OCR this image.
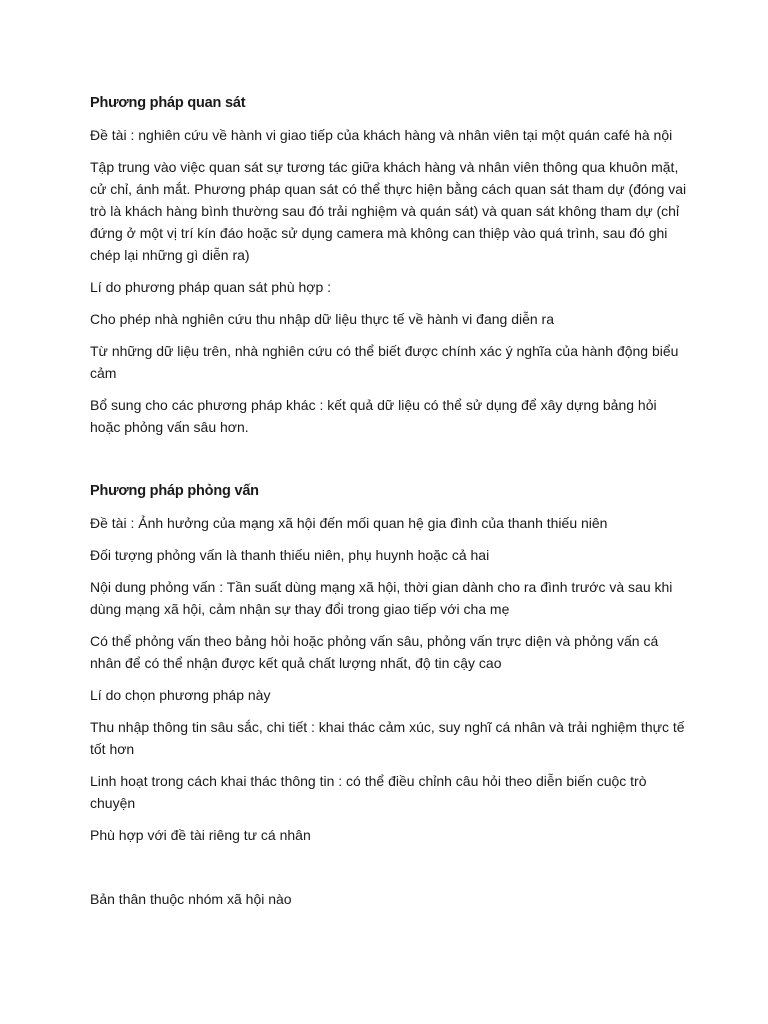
Phương pháp quan sát

Đề tài : nghiên cứu về hành vi giao tiếp của khách hàng và nhân viên tại một quán café hà nội

Tập trung vào việc quan sát sự tương tác giữa khách hàng và nhân viên thông qua khuôn mặt, cử chỉ, ánh mắt. Phương pháp quan sát có thể thực hiện bằng cách quan sát tham dự (đóng vai trò là khách hàng bình thường sau đó trải nghiệm và quán sát) và quan sát không tham dự (chỉ đứng ở một vị trí kín đáo hoặc sử dụng camera mà không can thiệp vào quá trình, sau đó ghi chép lại những gì diễn ra)

Lí do phương pháp quan sát phù hợp :

Cho phép nhà nghiên cứu thu nhập dữ liệu thực tế về hành vi đang diễn ra

Từ những dữ liệu trên, nhà nghiên cứu có thể biết được chính xác ý nghĩa của hành động biểu cảm

Bổ sung cho các phương pháp khác : kết quả dữ liệu có thể sử dụng để xây dựng bảng hỏi hoặc phỏng vấn sâu hơn.

Phương pháp phỏng vấn

Đề tài : Ảnh hưởng của mạng xã hội đến mối quan hệ gia đình của thanh thiếu niên

Đối tượng phỏng vấn là thanh thiếu niên, phụ huynh hoặc cả hai

Nội dung phỏng vấn : Tần suất dùng mạng xã hội, thời gian dành cho ra đình trước và sau khi dùng mạng xã hội, cảm nhận sự thay đổi trong giao tiếp với cha mẹ

Có thể phỏng vấn theo bảng hỏi hoặc phỏng vấn sâu, phỏng vấn trực diện và phỏng vấn cá nhân để có thể nhận được kết quả chất lượng nhất, độ tin cậy cao

Lí do chọn phương pháp này

Thu nhập thông tin sâu sắc, chi tiết : khai thác cảm xúc, suy nghĩ cá nhân và trải nghiệm thực tế tốt hơn

Linh hoạt trong cách khai thác thông tin : có thể điều chỉnh câu hỏi theo diễn biến cuộc trò chuyện

Phù hợp với đề tài riêng tư cá nhân

Bản thân thuộc nhóm xã hội nào
